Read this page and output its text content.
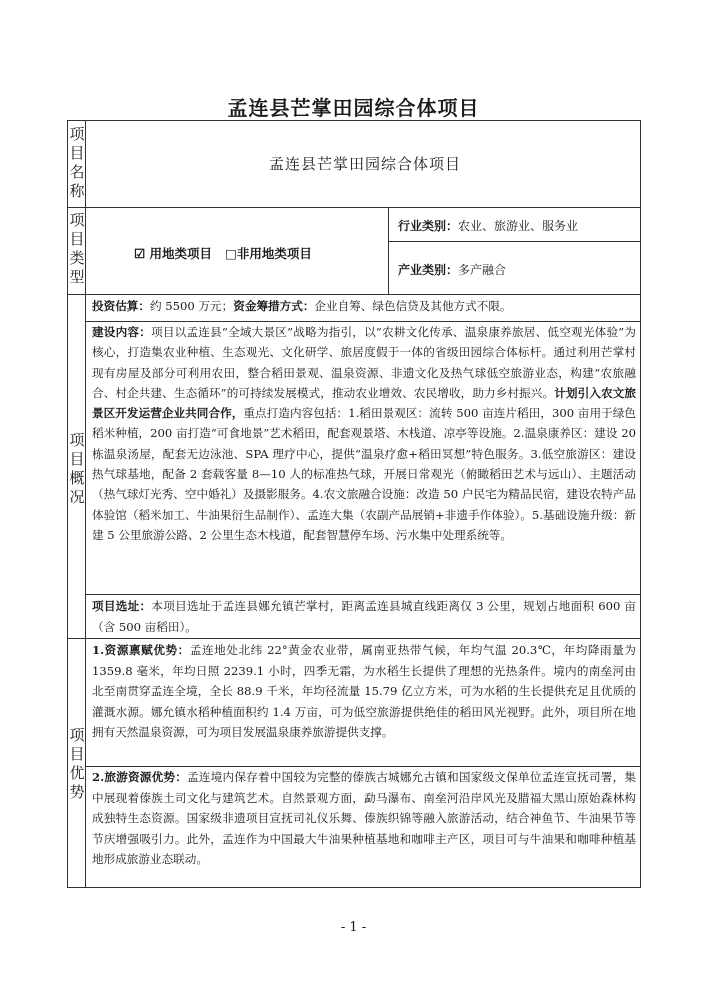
孟连县芒掌田园综合体项目
项目名称
项目类型
项目概况
项目优势
孟连县芒掌田园综合体项目
☑ 用地类项目 □非用地类项目
行业类别：农业、旅游业、服务业
产业类别：多产融合
投资估算：约 5500 万元；资金筹措方式：企业自筹、绿色信贷及其他方式不限。
建设内容：项目以孟连县“全域大景区”战略为指引，以“农耕文化传承、温泉康养旅居、低空观光体验”为核心，打造集农业种植、生态观光、文化研学、旅居度假于一体的省级田园综合体标杆。通过利用芒掌村现有房屋及部分可利用农田，整合稻田景观、温泉资源、非遗文化及热气球低空旅游业态，构建“农旅融合、村企共建、生态循环”的可持续发展模式，推动农业增效、农民增收，助力乡村振兴。计划引入农文旅景区开发运营企业共同合作，重点打造内容包括：1.稻田景观区：流转 500 亩连片稻田，300 亩用于绿色稻米种植，200 亩打造“可食地景”艺术稻田，配套观景塔、木栈道、凉亭等设施。2.温泉康养区：建设 20 栋温泉汤屋，配套无边泳池、SPA 理疗中心，提供“温泉疗愈+稻田冥想”特色服务。3.低空旅游区：建设热气球基地，配备 2 套载客量 8—10 人的标准热气球，开展日常观光（俯瞰稻田艺术与远山）、主题活动（热气球灯光秀、空中婚礼）及摄影服务。4.农文旅融合设施：改造 50 户民宅为精品民宿，建设农特产品体验馆（稻米加工、牛油果衍生品制作）、孟连大集（农副产品展销+非遗手作体验）。5.基础设施升级：新建 5 公里旅游公路、2 公里生态木栈道，配套智慧停车场、污水集中处理系统等。
项目选址：本项目选址于孟连县娜允镇芒掌村，距离孟连县城直线距离仅 3 公里，规划占地面积 600 亩（含 500 亩稻田）。
1.资源禀赋优势：孟连地处北纬 22°黄金农业带，属南亚热带气候，年均气温 20.3℃，年均降雨量为 1359.8 毫米，年均日照 2239.1 小时，四季无霜，为水稻生长提供了理想的光热条件。境内的南垒河由北至南贯穿孟连全境，全长 88.9 千米，年均径流量 15.79 亿立方米，可为水稻的生长提供充足且优质的灌溉水源。娜允镇水稻种植面积约 1.4 万亩，可为低空旅游提供绝佳的稻田风光视野。此外，项目所在地拥有天然温泉资源，可为项目发展温泉康养旅游提供支撑。
2.旅游资源优势：孟连境内保存着中国较为完整的傣族古城娜允古镇和国家级文保单位孟连宣抚司署，集中展现着傣族土司文化与建筑艺术。自然景观方面，勐马瀑布、南垒河沿岸风光及腊福大黑山原始森林构成独特生态资源。国家级非遗项目宣抚司礼仪乐舞、傣族织锦等融入旅游活动，结合神鱼节、牛油果节等节庆增强吸引力。此外，孟连作为中国最大牛油果种植基地和咖啡主产区，项目可与牛油果和咖啡种植基地形成旅游业态联动。
- 1 -
